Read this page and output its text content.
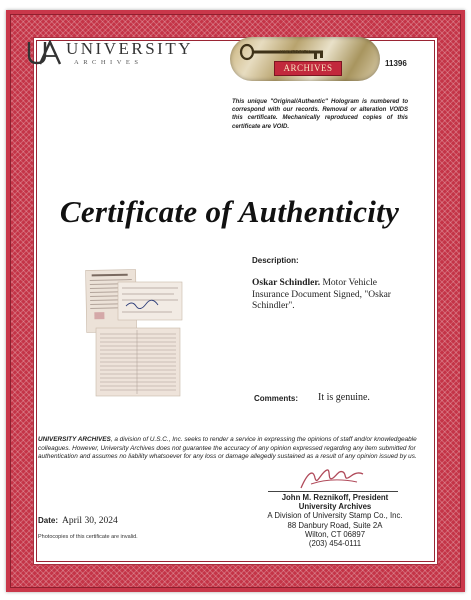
UNIVERSITY
ARCHIVES
UNIVERSITY
ARCHIVES	11396
This unique "Original/Authentic" Hologram is numbered to correspond with our records. Removal or alteration VOIDS this certificate. Mechanically reproduced copies of this certificate are VOID.
Certificate of Authenticity
Description:
Oskar Schindler. Motor Vehicle Insurance Document Signed, "Oskar Schindler".
Comments: It is genuine.
UNIVERSITY ARCHIVES, a division of U.S.C., Inc. seeks to render a service in expressing the opinions of staff and/or knowledgeable colleagues. However, University Archives does not guarantee the accuracy of any opinion expressed regarding any item submitted for authentication and assumes no liability whatsoever for any loss or damage allegedly sustained as a result of any opinion issued by us.
John M. Reznikoff, President
University Archives
A Division of University Stamp Co., Inc.
88 Danbury Road, Suite 2A
Wilton, CT 06897
(203) 454-0111
Date: April 30, 2024
Photocopies of this certificate are invalid.
